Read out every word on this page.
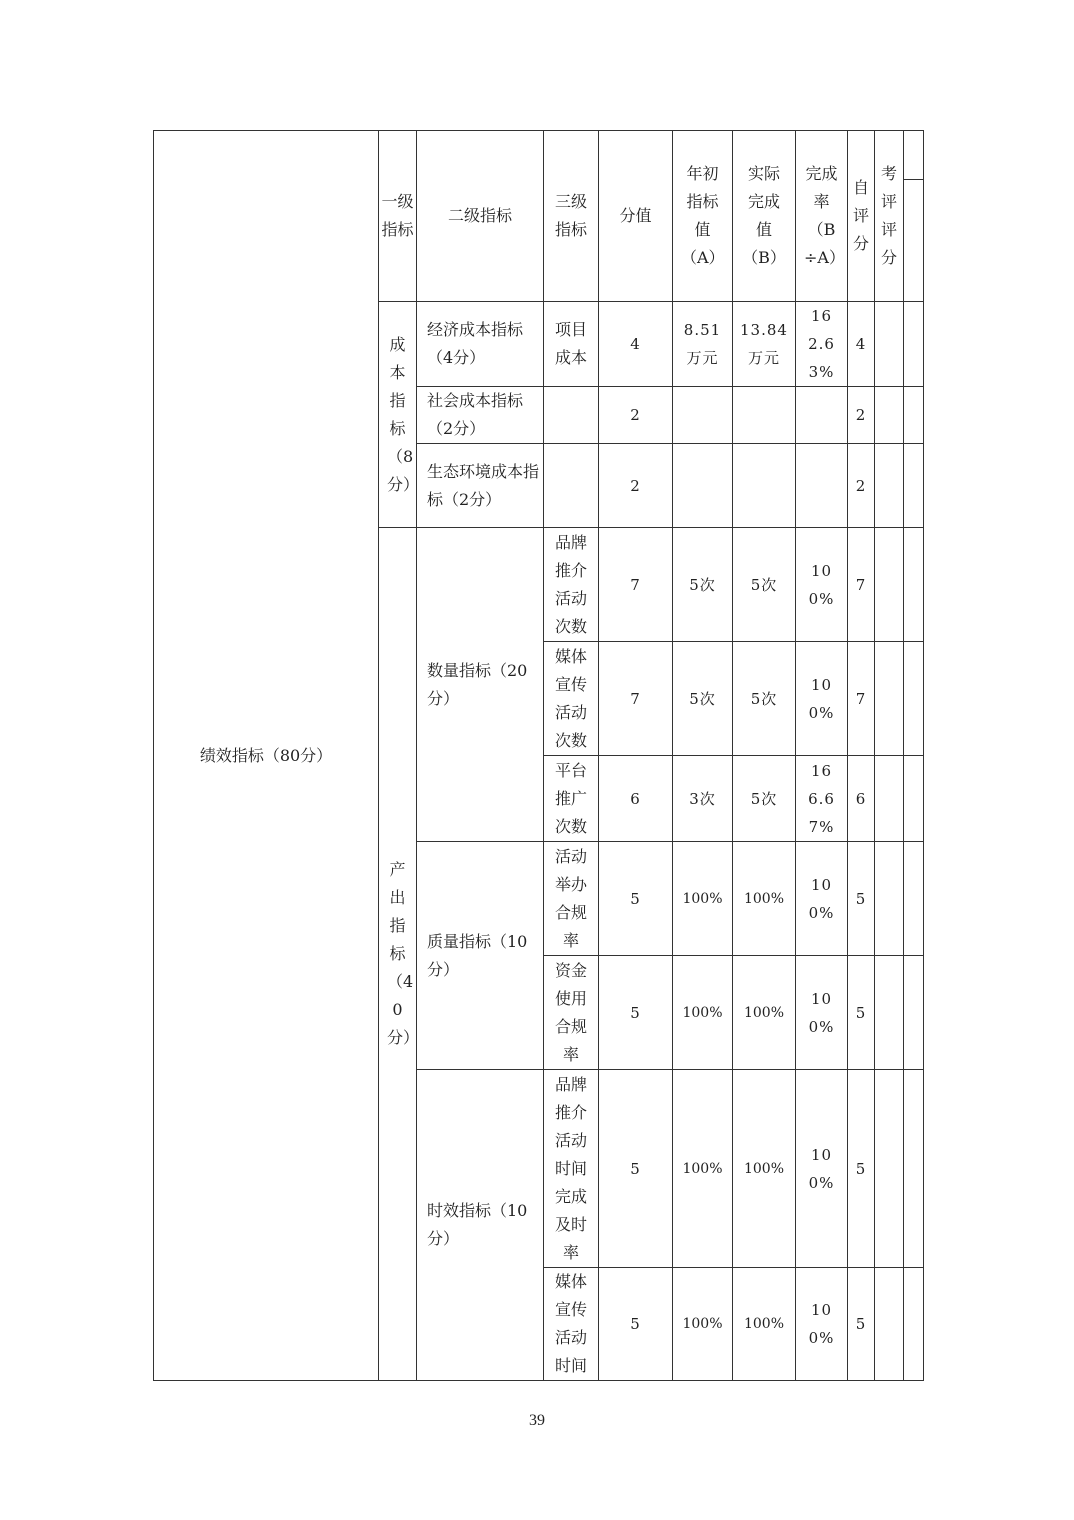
绩效指标（80分）	一级指标	二级指标	三级指标	分值	年初指标值（A）	实际完成值（B）	完成率（B÷A）	自评分	考评评分	

	成本指标（8分）	经济成本指标（4分）	项目成本	4	8.51万元	13.84万元	162.63%	4		
		社会成本指标（2分）		2				2		
		生态环境成本指标（2分）		2				2		
	产出指标（40分）	数量指标（20分）	品牌推介活动次数	7	5次	5次	100%	7		
			媒体宣传活动次数	7	5次	5次	100%	7		
			平台推广次数	6	3次	5次	166.67%	6		
		质量指标（10分）	活动举办合规率	5	100%	100%	100%	5		
			资金使用合规率	5	100%	100%	100%	5		
		时效指标（10分）	品牌推介活动时间完成及时率	5	100%	100%	100%	5		
			媒体宣传活动时间	5	100%	100%	100%	5		
39
